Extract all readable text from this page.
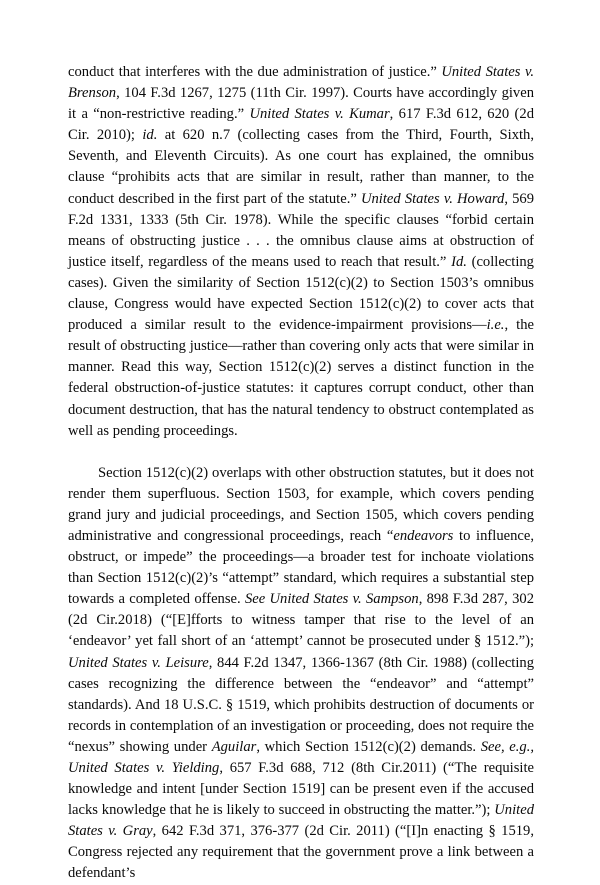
conduct that interferes with the due administration of justice.” United States v. Brenson, 104 F.3d 1267, 1275 (11th Cir. 1997). Courts have accordingly given it a “non-restrictive reading.” United States v. Kumar, 617 F.3d 612, 620 (2d Cir. 2010); id. at 620 n.7 (collecting cases from the Third, Fourth, Sixth, Seventh, and Eleventh Circuits). As one court has explained, the omnibus clause “prohibits acts that are similar in result, rather than manner, to the conduct described in the first part of the statute.” United States v. Howard, 569 F.2d 1331, 1333 (5th Cir. 1978). While the specific clauses “forbid certain means of obstructing justice . . . the omnibus clause aims at obstruction of justice itself, regardless of the means used to reach that result.” Id. (collecting cases). Given the similarity of Section 1512(c)(2) to Section 1503’s omnibus clause, Congress would have expected Section 1512(c)(2) to cover acts that produced a similar result to the evidence-impairment provisions—i.e., the result of obstructing justice—rather than covering only acts that were similar in manner. Read this way, Section 1512(c)(2) serves a distinct function in the federal obstruction-of-justice statutes: it captures corrupt conduct, other than document destruction, that has the natural tendency to obstruct contemplated as well as pending proceedings.

Section 1512(c)(2) overlaps with other obstruction statutes, but it does not render them superfluous. Section 1503, for example, which covers pending grand jury and judicial proceedings, and Section 1505, which covers pending administrative and congressional proceedings, reach “endeavors to influence, obstruct, or impede” the proceedings—a broader test for inchoate violations than Section 1512(c)(2)’s “attempt” standard, which requires a substantial step towards a completed offense. See United States v. Sampson, 898 F.3d 287, 302 (2d Cir.2018) (“[E]fforts to witness tamper that rise to the level of an ‘endeavor’ yet fall short of an ‘attempt’ cannot be prosecuted under § 1512.”); United States v. Leisure, 844 F.2d 1347, 1366-1367 (8th Cir. 1988) (collecting cases recognizing the difference between the “endeavor” and “attempt” standards). And 18 U.S.C. § 1519, which prohibits destruction of documents or records in contemplation of an investigation or proceeding, does not require the “nexus” showing under Aguilar, which Section 1512(c)(2) demands. See, e.g., United States v. Yielding, 657 F.3d 688, 712 (8th Cir.2011) (“The requisite knowledge and intent [under Section 1519] can be present even if the accused lacks knowledge that he is likely to succeed in obstructing the matter.”); United States v. Gray, 642 F.3d 371, 376-377 (2d Cir. 2011) (“[I]n enacting § 1519, Congress rejected any requirement that the government prove a link between a defendant’s
